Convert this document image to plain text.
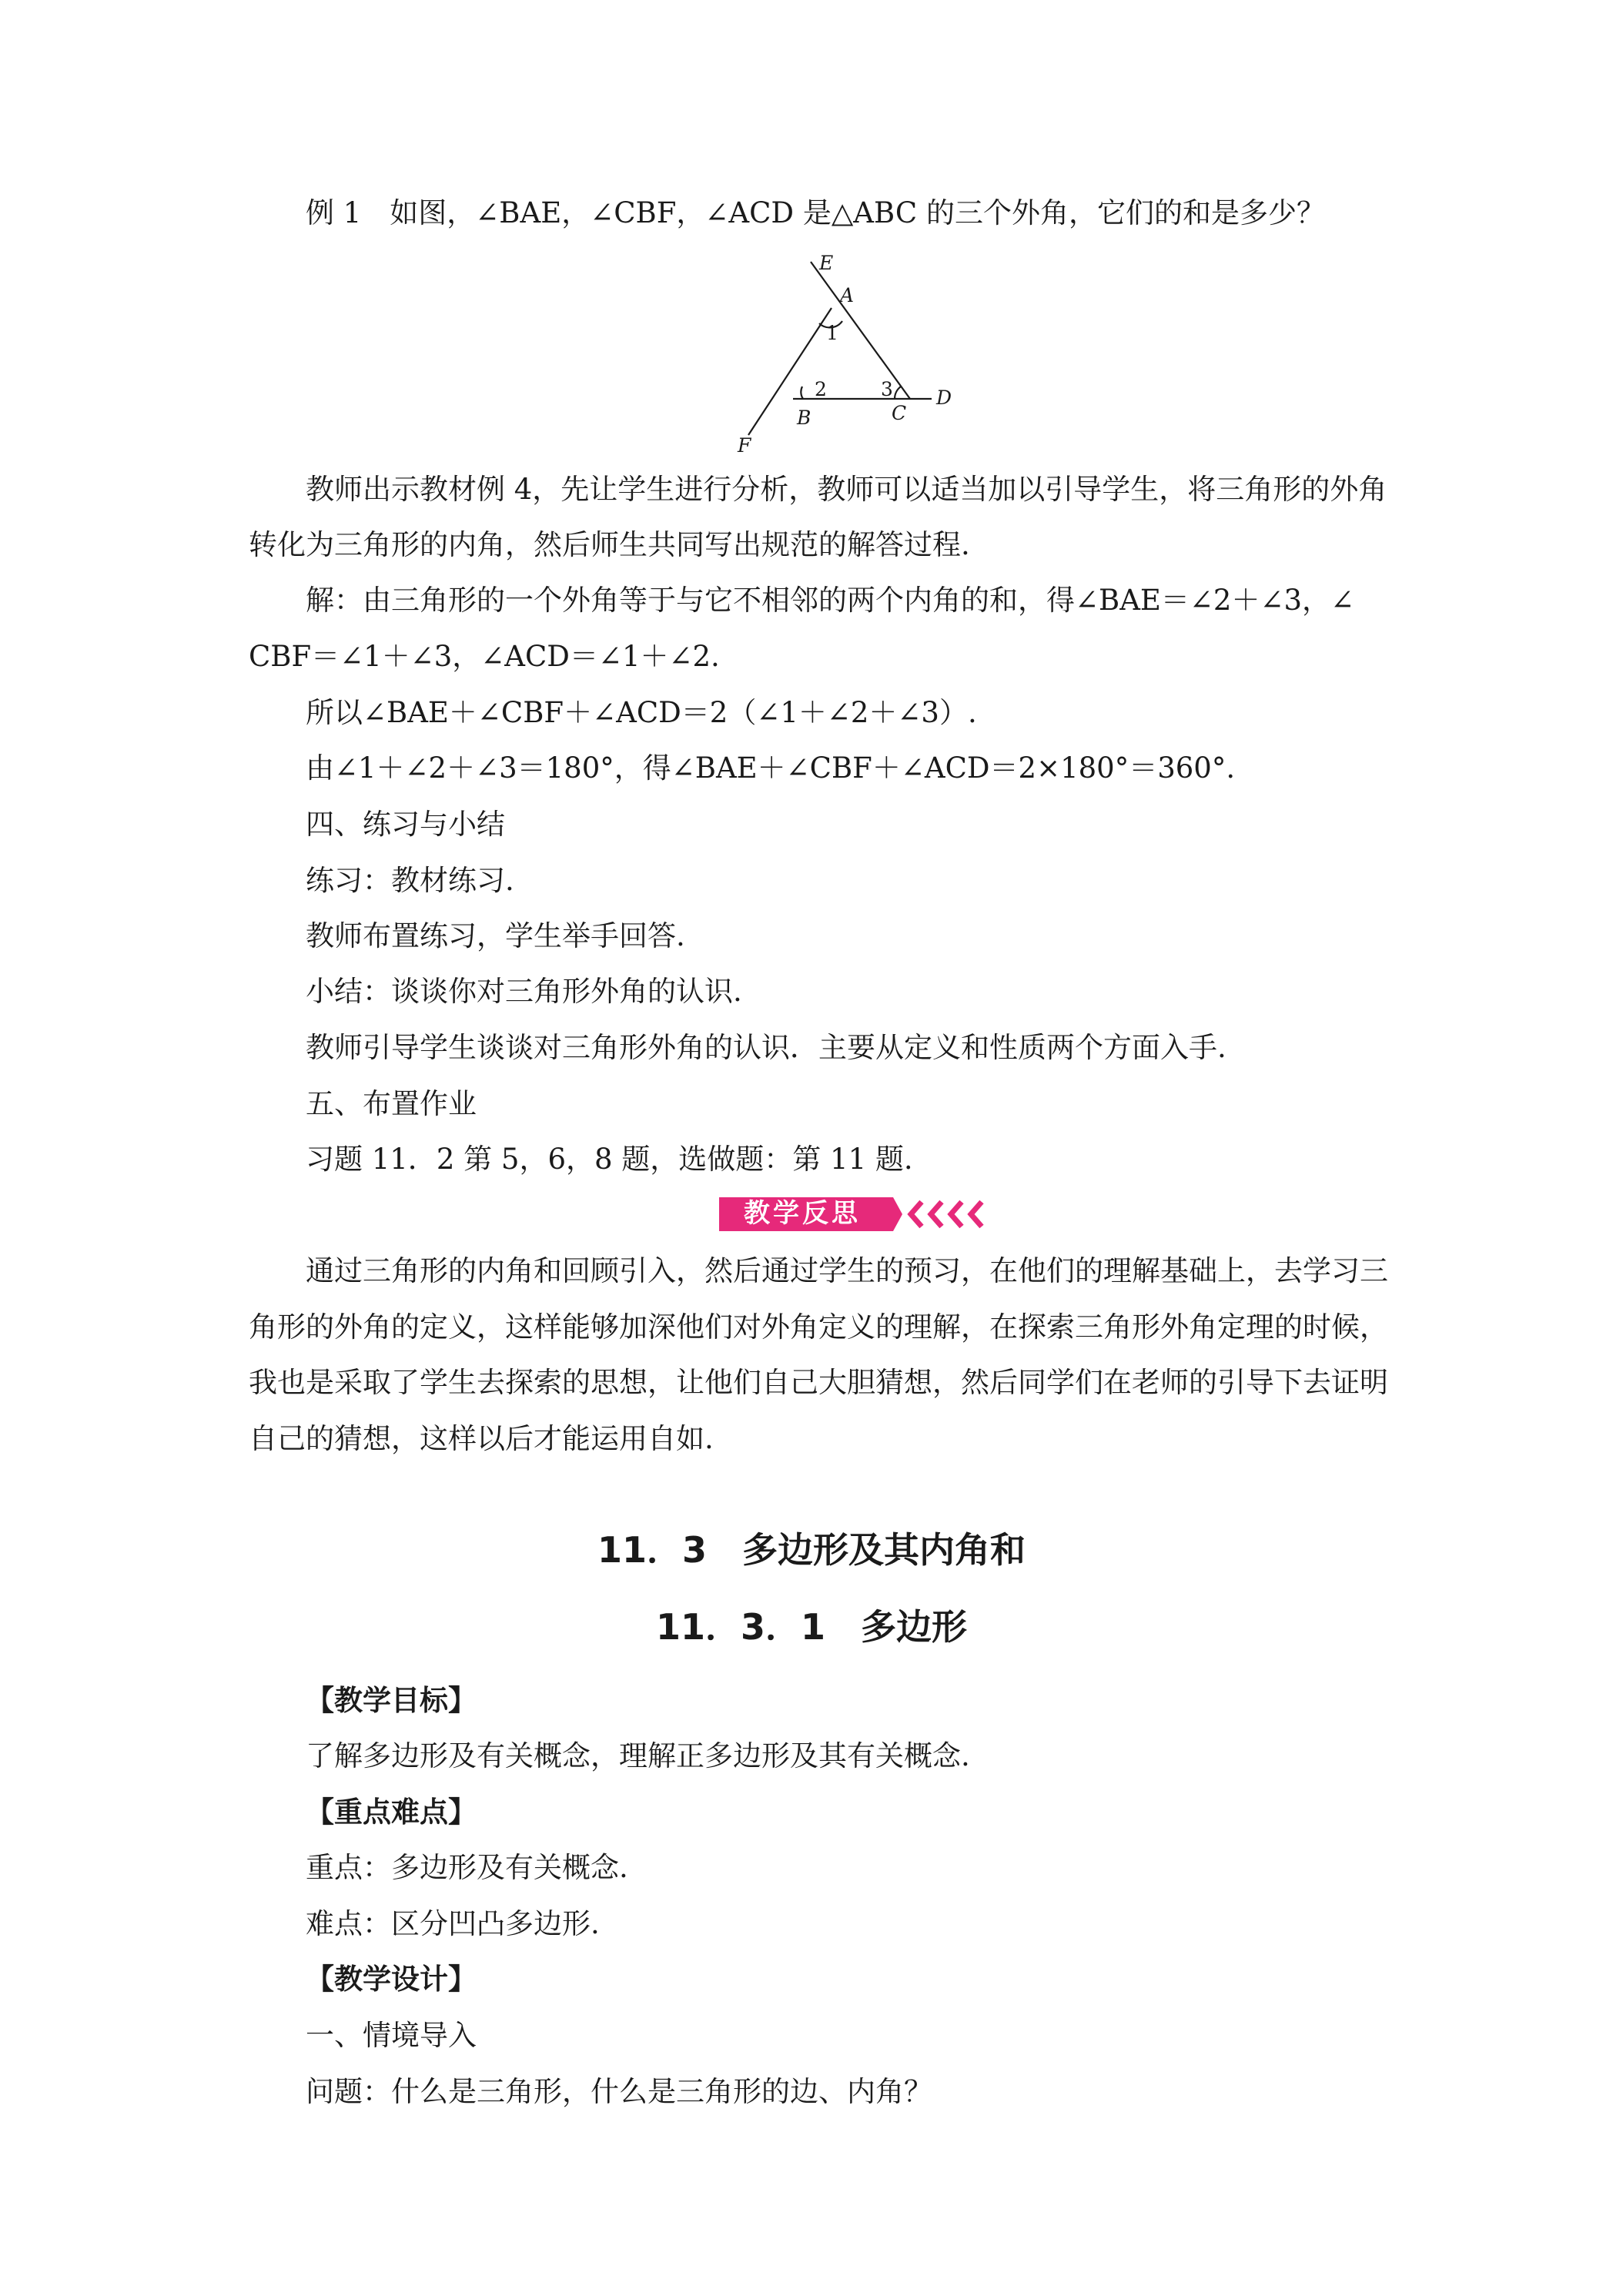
例 1　如图，∠BAE，∠CBF，∠ACD 是△ABC 的三个外角，它们的和是多少？
E
A
1
2	3 D
B	C
F
教师出示教材例 4，先让学生进行分析，教师可以适当加以引导学生，将三角形的外角
转化为三角形的内角，然后师生共同写出规范的解答过程.
解：由三角形的一个外角等于与它不相邻的两个内角的和，得∠BAE＝∠2＋∠3，∠
CBF＝∠1＋∠3，∠ACD＝∠1＋∠2.
所以∠BAE＋∠CBF＋∠ACD＝2（∠1＋∠2＋∠3）.
由∠1＋∠2＋∠3＝180°，得∠BAE＋∠CBF＋∠ACD＝2×180°＝360°.
四、练习与小结
练习：教材练习.
教师布置练习，学生举手回答.
小结：谈谈你对三角形外角的认识.
教师引导学生谈谈对三角形外角的认识．主要从定义和性质两个方面入手.
五、布置作业
习题 11．2 第 5，6，8 题，选做题：第 11 题.
教学反思
通过三角形的内角和回顾引入，然后通过学生的预习，在他们的理解基础上，去学习三
角形的外角的定义，这样能够加深他们对外角定义的理解，在探索三角形外角定理的时候，
我也是采取了学生去探索的思想，让他们自己大胆猜想，然后同学们在老师的引导下去证明
自己的猜想，这样以后才能运用自如.
11．3　多边形及其内角和
11．3．1　多边形
【教学目标】
了解多边形及有关概念，理解正多边形及其有关概念.
【重点难点】
重点：多边形及有关概念.
难点：区分凹凸多边形.
【教学设计】
一、情境导入
问题：什么是三角形，什么是三角形的边、内角？
